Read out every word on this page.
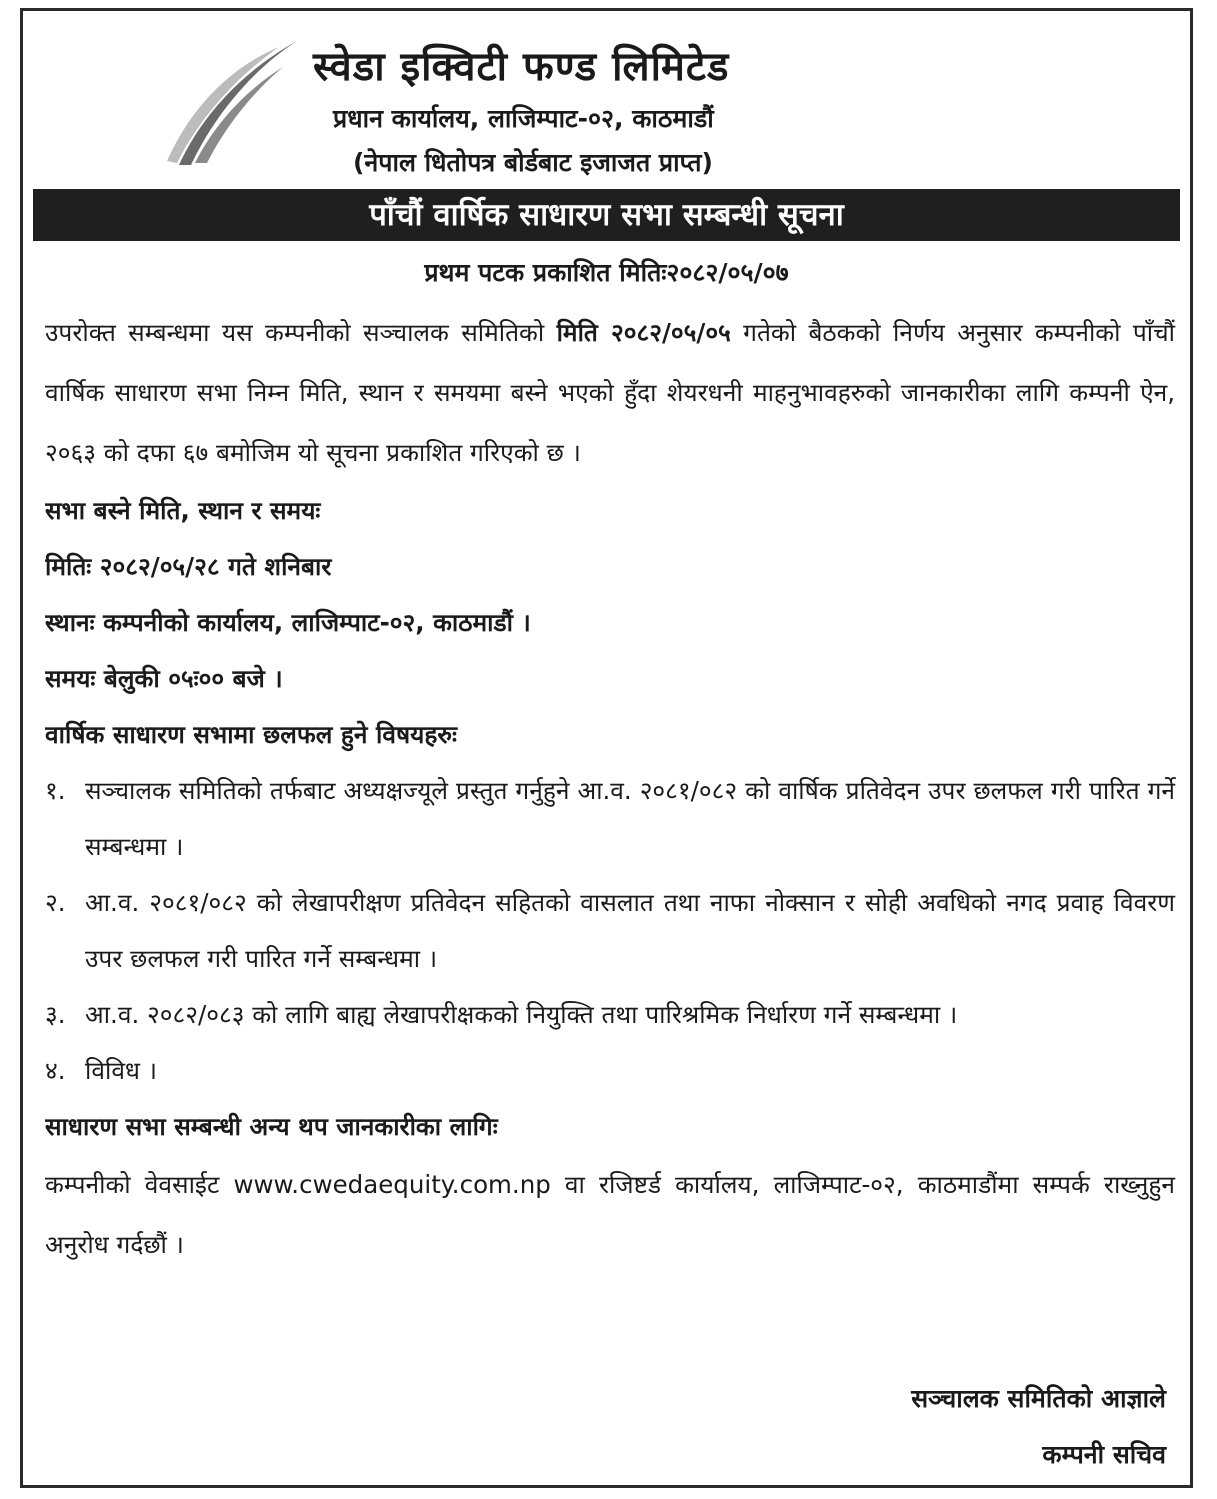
स्वेडा इक्विटी फण्ड लिमिटेड
प्रधान कार्यालय, लाजिम्पाट-०२, काठमाडौं
(नेपाल धितोपत्र बोर्डबाट इजाजत प्राप्त)
पाँचौं वार्षिक साधारण सभा सम्बन्धी सूचना
प्रथम पटक प्रकाशित मितिः२०८२/०५/०७

उपरोक्त सम्बन्धमा यस कम्पनीको सञ्चालक समितिको मिति २०८२/०५/०५ गतेको बैठकको निर्णय अनुसार कम्पनीको पाँचौं वार्षिक साधारण सभा निम्न मिति, स्थान र समयमा बस्ने भएको हुँदा शेयरधनी माहनुभावहरुको जानकारीका लागि कम्पनी ऐन, २०६३ को दफा ६७ बमोजिम यो सूचना प्रकाशित गरिएको छ ।

सभा बस्ने मिति, स्थान र समयः

मितिः २०८२/०५/२८ गते शनिबार

स्थानः कम्पनीको कार्यालय, लाजिम्पाट-०२, काठमाडौं ।

समयः बेलुकी ०५ः०० बजे ।

वार्षिक साधारण सभामा छलफल हुने विषयहरुः

१. सञ्चालक समितिको तर्फबाट अध्यक्षज्यूले प्रस्तुत गर्नुहुने आ.व. २०८१/०८२ को वार्षिक प्रतिवेदन उपर छलफल गरी पारित गर्ने सम्बन्धमा ।
२. आ.व. २०८१/०८२ को लेखापरीक्षण प्रतिवेदन सहितको वासलात तथा नाफा नोक्सान र सोही अवधिको नगद प्रवाह विवरण उपर छलफल गरी पारित गर्ने सम्बन्धमा ।
३. आ.व. २०८२/०८३ को लागि बाह्य लेखापरीक्षकको नियुक्ति तथा पारिश्रमिक निर्धारण गर्ने सम्बन्धमा ।
४. विविध ।

साधारण सभा सम्बन्धी अन्य थप जानकारीका लागिः

कम्पनीको वेवसाईट www.cwedaequity.com.np वा रजिष्टर्ड कार्यालय, लाजिम्पाट-०२, काठमाडौंमा सम्पर्क राख्नुहुन अनुरोध गर्दछौं ।

सञ्चालक समितिको आज्ञाले
कम्पनी सचिव
